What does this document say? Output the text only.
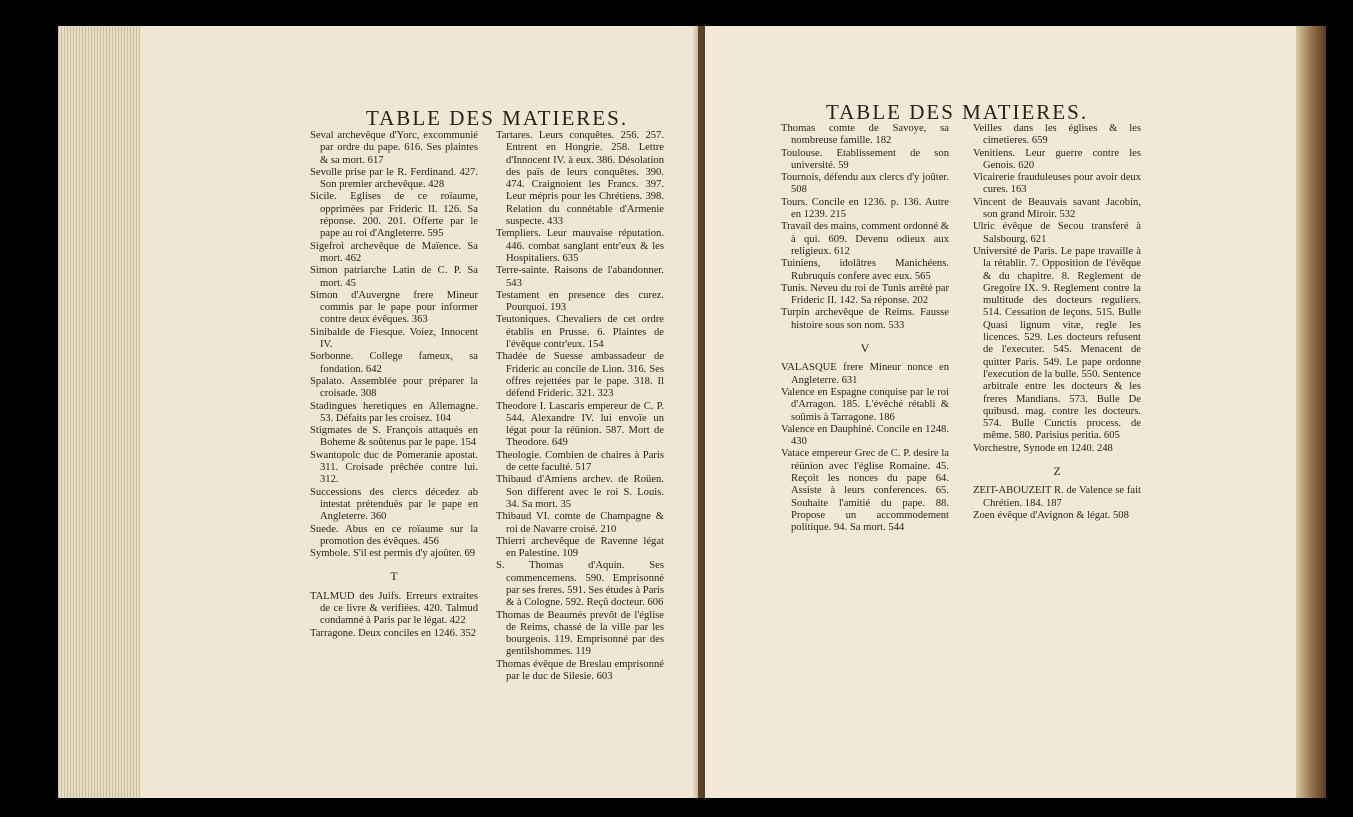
TABLE DES MATIERES.
Seval archevêque d'Yorc, excommunié par ordre du pape. 616. Ses plaintes & sa mort. 617
Sevolle prise par le R. Ferdinand. 427. Son premier archevêque. 428
Sicile. Eglises de ce roïaume, opprimées par Frideric II. 126. Sa réponse. 200. 201. Offerte par le pape au roi d'Angleterre. 595
Sigefroi archevêque de Maïence. Sa mort. 462
Simon patriarche Latin de C. P. Sa mort. 45
Simon d'Auvergne frere Mineur commis par le pape pour informer contre deux évêques. 363
Sinibalde de Fiesque. Voiez, Innocent IV.
Sorbonne. College fameux, sa fondation. 642
Spalato. Assemblée pour préparer la croisade. 308
Stadingues heretiques en Allemagne. 53. Défaits par les croisez. 104
Stigmates de S. François attaqués en Boheme & soûtenus par le pape. 154
Swantopolc duc de Pomeranie apostat. 311. Croisade prêchée contre lui. 312.
Successions des clercs décedez ab intestat prétenduës par le pape en Angleterre. 360
Suede. Abus en ce roïaume sur la promotion des évêques. 456
Symbole. S'il est permis d'y ajoûter. 69
T
TALMUD des Juifs. Erreurs extraites de ce livre & verifiées. 420. Talmud condamné à Paris par le légat. 422
Tarragone. Deux conciles en 1246. 352
Tartares. Leurs conquêtes. 256. 257. Entrent en Hongrie. 258. Lettre d'Innocent IV. à eux. 386. Désolation des païs de leurs conquêtes. 390. 474. Craignoient les Francs. 397. Leur mépris pour les Chrétiens. 398. Relation du connétable d'Armenie suspecte. 433
Templiers. Leur mauvaise réputation. 446. combat sanglant entr'eux & les Hospitaliers. 635
Terre-sainte. Raisons de l'abandonner. 543
Testament en presence des curez. Pourquoi. 193
Teutoniques. Chevaliers de cet ordre établis en Prusse. 6. Plaintes de l'évêque contr'eux. 154
Thadée de Suesse ambassadeur de Frideric au concile de Lion. 316. Ses offres rejettées par le pape. 318. Il défend Frideric. 321. 323
Theodore I. Lascaris empereur de C. P. 544. Alexandre IV. lui envoïe un légat pour la réünion. 587. Mort de Theodore. 649
Theologie. Combien de chaires à Paris de cette faculté. 517
Thibaud d'Amiens archev. de Roüen. Son different avec le roi S. Louis. 34. Sa mort. 35
Thibaud VI. comte de Champagne & roi de Navarre croisé. 210
Thierri archevêque de Ravenne légat en Palestine. 109
S. Thomas d'Aquin. Ses commencemens. 590. Emprisonné par ses freres. 591. Ses études à Paris & à Cologne. 592. Reçû docteur. 606
Thomas de Beaumés prevôt de l'église de Reims, chassé de la ville par les bourgeois. 119. Emprisonné par des gentilshommes. 119
Thomas évêque de Breslau emprisonné par le duc de Silesie. 603
TABLE DES MATIERES.
Thomas comte de Savoye, sa nombreuse famille. 182
Toulouse. Etablissement de son université. 59
Tournois, défendu aux clercs d'y joûter. 508
Tours. Concile en 1236. p. 136. Autre en 1239. 215
Travail des mains, comment ordonné & à qui. 609. Devenu odieux aux religieux. 612
Tuiniens, idolâtres Manichéens. Rubruquis confere avec eux. 565
Tunis. Neveu du roi de Tunis arrêté par Frideric II. 142. Sa réponse. 202
Turpin archevêque de Reims. Fausse histoire sous son nom. 533
V
VALASQUE frere Mineur nonce en Angleterre. 631
Valence en Espagne conquise par le roi d'Arragon. 185. L'évêché rétabli & soûmis à Tarragone. 186
Valence en Dauphiné. Concile en 1248. 430
Vatace empereur Grec de C. P. desire la réünion avec l'église Romaine. 45. Reçoit les nonces du pape 64. Assiste à leurs conferences. 65. Souhaite l'amitié du pape. 88. Propose un accommodement politique. 94. Sa mort. 544
Veilles dans les églises & les cimetieres. 659
Venitiens. Leur guerre contre les Genois. 620
Vicairerie frauduleuses pour avoir deux cures. 163
Vincent de Beauvais savant Jacobin, son grand Miroir. 532
Ulric évêque de Secou transferé à Salsbourg. 621
Université de Paris. Le pape travaille à la rétablir. 7. Opposition de l'évêque & du chapitre. 8. Reglement de Gregoire IX. 9. Reglement contre la multitude des docteurs reguliers. 514. Cessation de leçons. 515. Bulle Quasi lignum vitæ, regle les licences. 529. Les docteurs refusent de l'executer. 545. Menacent de quitter Paris. 549. Le pape ordonne l'execution de la bulle. 550. Sentence arbitrale entre les docteurs & les freres Mandians. 573. Bulle De quibusd. mag. contre les docteurs. 574. Bulle Cunctis process. de même. 580. Parisius peritia. 605
Vorchestre, Synode en 1240. 248
Z
ZEIT-ABOUZEIT R. de Valence se fait Chrétien. 184. 187
Zoen évêque d'Avignon & légat. 508
